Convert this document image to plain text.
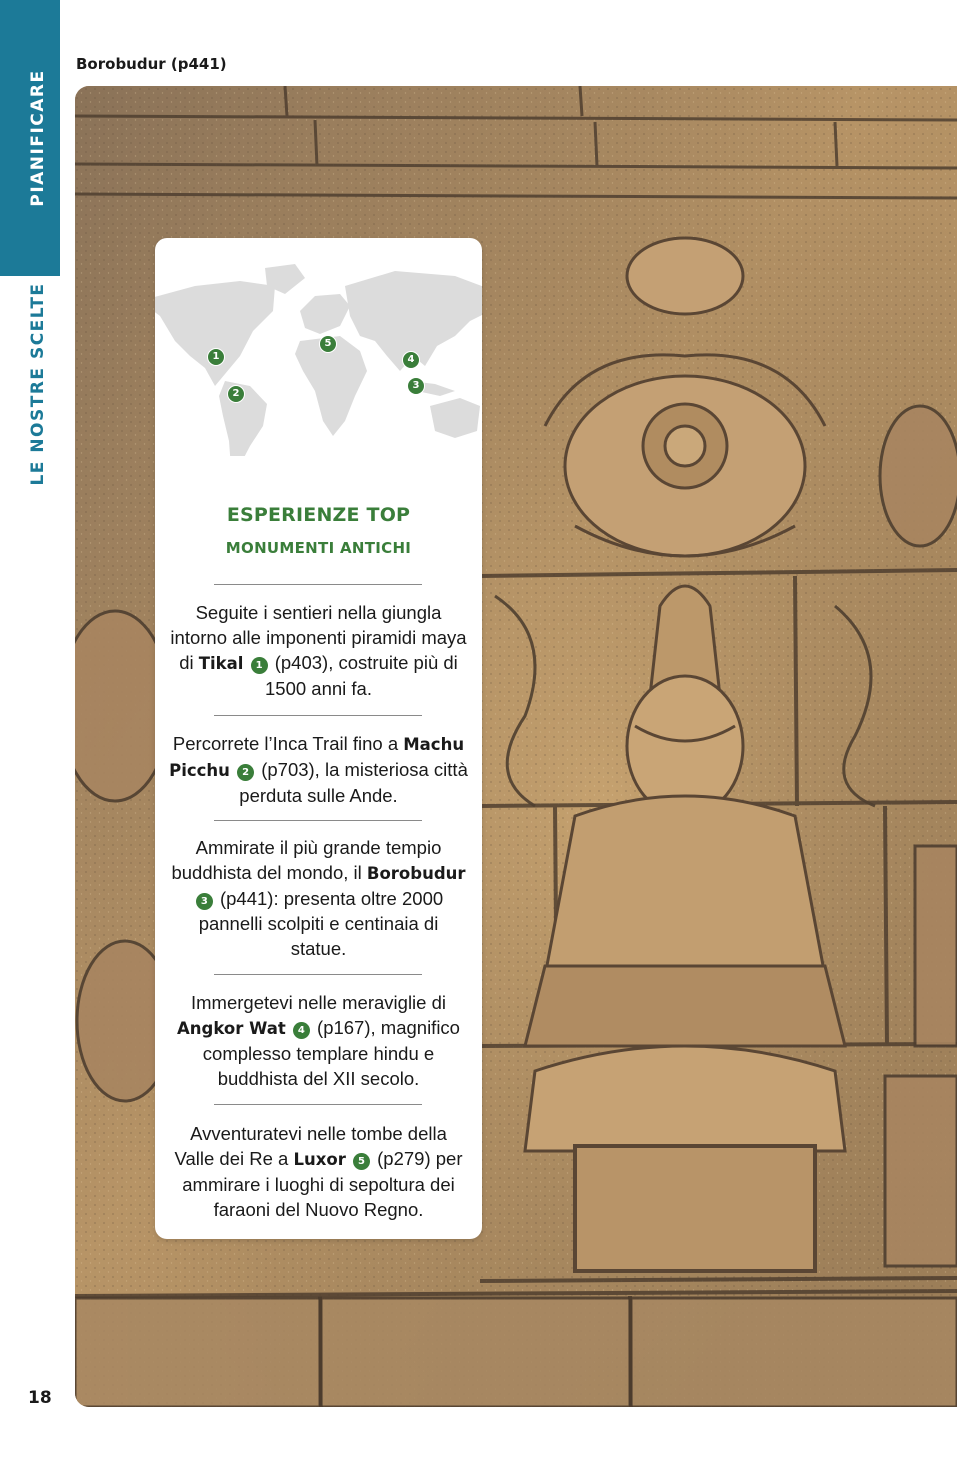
PIANIFICARE
LE NOSTRE SCELTE
18
Borobudur (p441)
1
2
3
4
5
ESPERIENZE TOP
MONUMENTI ANTICHI
Seguite i sentieri nella giungla intorno alle imponenti piramidi maya di Tikal 1 (p403), costruite più di 1500 anni fa.
Percorrete l’Inca Trail fino a Machu Picchu 2 (p703), la misteriosa città perduta sulle Ande.
Ammirate il più grande tempio buddhista del mondo, il Borobudur 3 (p441): presenta oltre 2000 pannelli scolpiti e centinaia di statue.
Immergetevi nelle meraviglie di Angkor Wat 4 (p167), magnifico complesso templare hindu e buddhista del XII secolo.
Avventuratevi nelle tombe della Valle dei Re a Luxor 5 (p279) per ammirare i luoghi di sepoltura dei faraoni del Nuovo Regno.
